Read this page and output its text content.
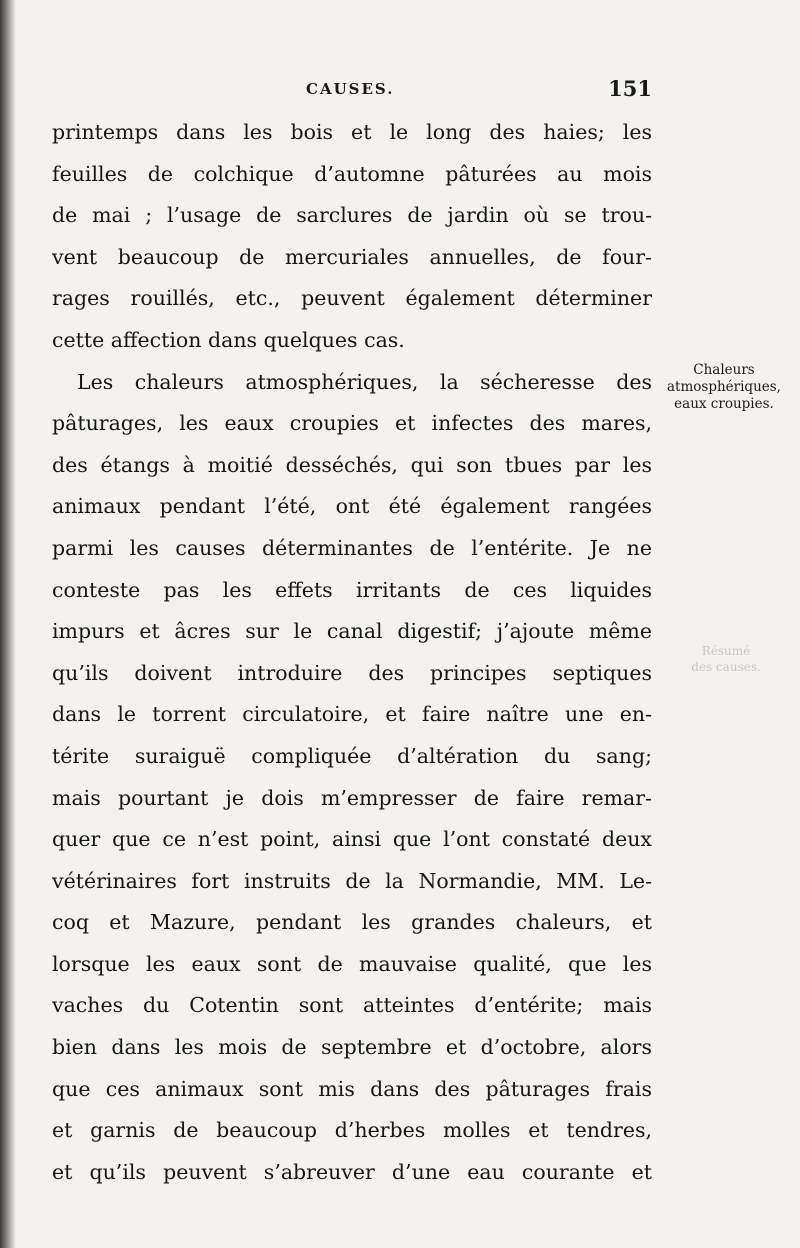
CAUSES.	151
printemps dans les bois et le long des haies; les
feuilles de colchique d’automne pâturées au mois
de mai ; l’usage de sarclures de jardin où se trou-
vent beaucoup de mercuriales annuelles, de four-
rages rouillés, etc., peuvent également déterminer
cette affection dans quelques cas.
Les chaleurs atmosphériques, la sécheresse des
pâturages, les eaux croupies et infectes des mares,
des étangs à moitié desséchés, qui son tbues par les
animaux pendant l’été, ont été également rangées
parmi les causes déterminantes de l’entérite. Je ne
conteste pas les effets irritants de ces liquides
impurs et âcres sur le canal digestif; j’ajoute même
qu’ils doivent introduire des principes septiques
dans le torrent circulatoire, et faire naître une en-
térite suraiguë compliquée d’altération du sang;
mais pourtant je dois m’empresser de faire remar-
quer que ce n’est point, ainsi que l’ont constaté deux
vétérinaires fort instruits de la Normandie, MM. Le-
coq et Mazure, pendant les grandes chaleurs, et
lorsque les eaux sont de mauvaise qualité, que les
vaches du Cotentin sont atteintes d’entérite; mais
bien dans les mois de septembre et d’octobre, alors
que ces animaux sont mis dans des pâturages frais
et garnis de beaucoup d’herbes molles et tendres,
et qu’ils peuvent s’abreuver d’une eau courante et
Chaleurs
atmosphériques,
eaux croupies.
Résumé
des causes.
